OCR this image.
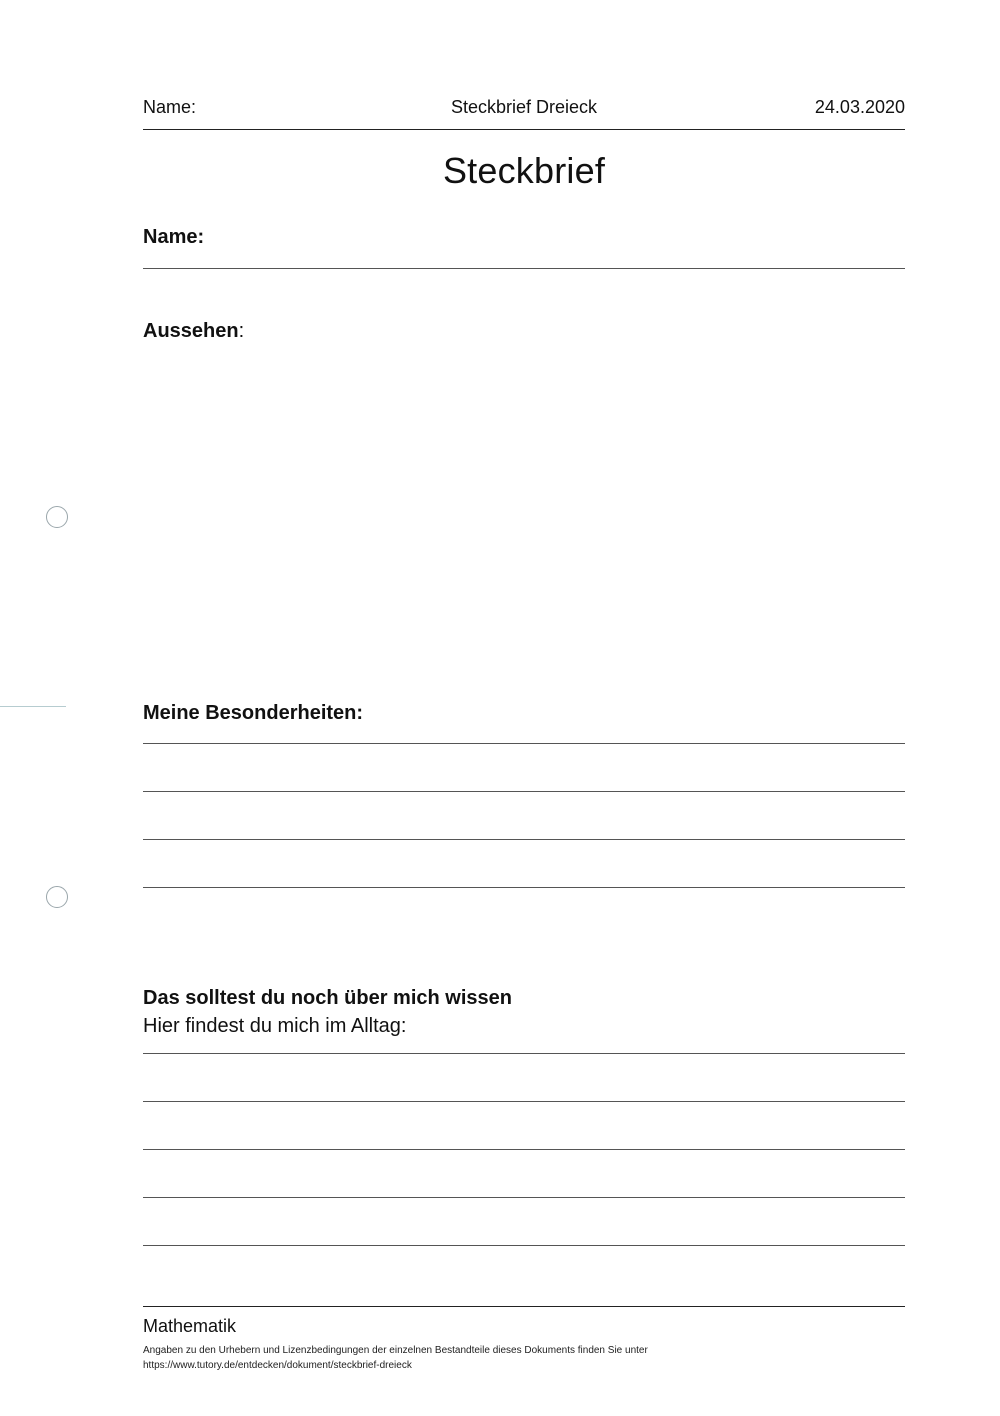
Name:	Steckbrief Dreieck	24.03.2020
Steckbrief
Name:
Aussehen:
Meine Besonderheiten:
Das solltest du noch über mich wissen
Hier findest du mich im Alltag:
Mathematik
Angaben zu den Urhebern und Lizenzbedingungen der einzelnen Bestandteile dieses Dokuments finden Sie unter
https://www.tutory.de/entdecken/dokument/steckbrief-dreieck
